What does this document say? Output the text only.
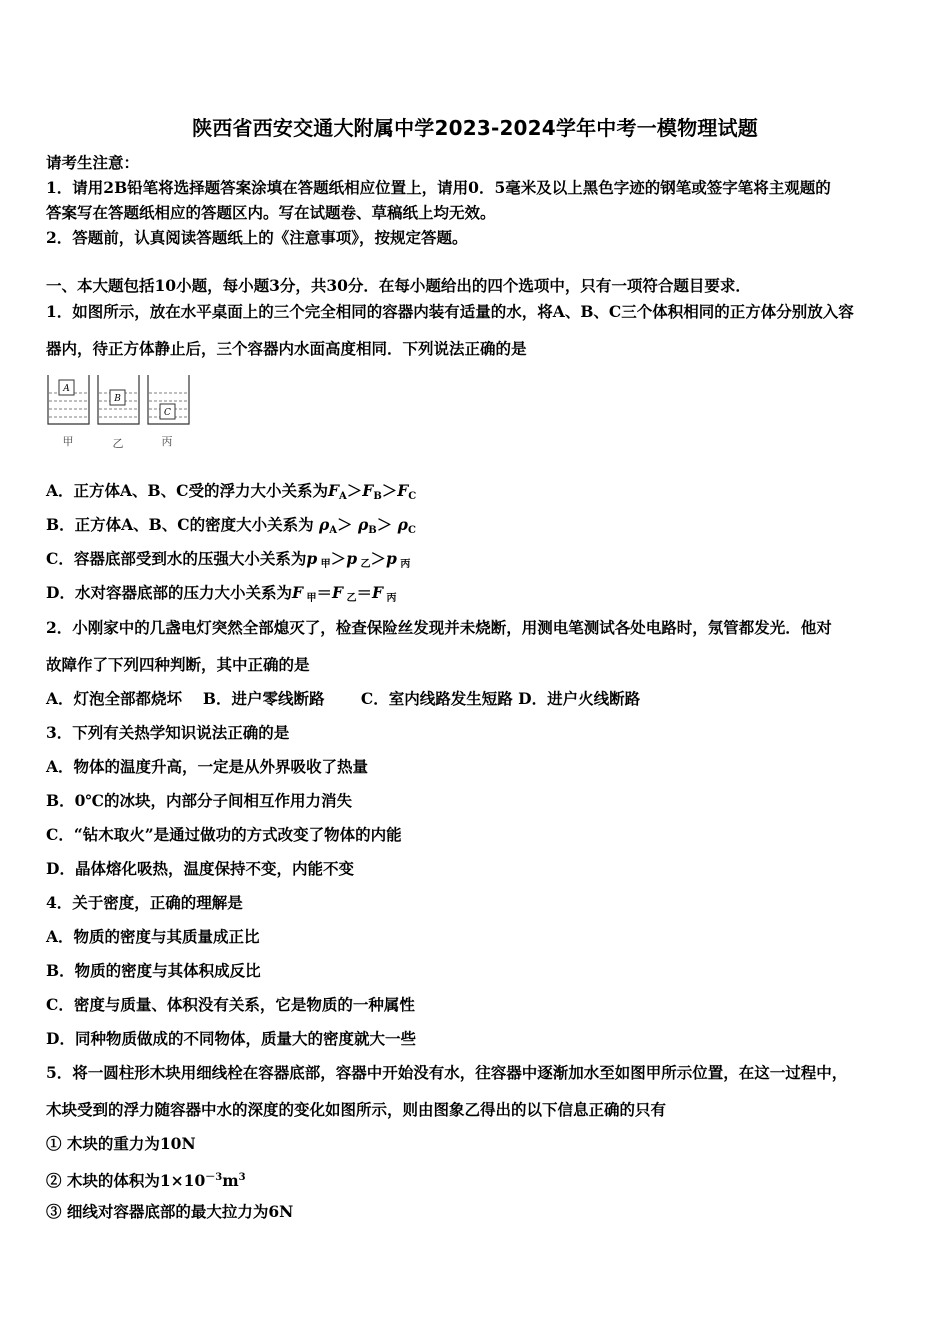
陕西省西安交通大附属中学2023-2024学年中考一模物理试题
请考生注意：
1．请用2B铅笔将选择题答案涂填在答题纸相应位置上，请用0．5毫米及以上黑色字迹的钢笔或签字笔将主观题的
答案写在答题纸相应的答题区内。写在试题卷、草稿纸上均无效。
2．答题前，认真阅读答题纸上的《注意事项》，按规定答题。
一、本大题包括10小题，每小题3分，共30分．在每小题给出的四个选项中，只有一项符合题目要求．
1．如图所示，放在水平桌面上的三个完全相同的容器内装有适量的水，将A、B、C三个体积相同的正方体分别放入容
器内，待正方体静止后，三个容器内水面高度相同．下列说法正确的是
A
B
C
甲	乙	丙
A．正方体A、B、C受的浮力大小关系为$F_A>F_B>F_C$
B．正方体A、B、C的密度大小关系为 $\rho_A> \rho_B> \rho_C$
C．容器底部受到水的压强大小关系为p $_甲$＞p $_乙$＞p $_丙$
D．水对容器底部的压力大小关系为F $_甲$＝F $_乙$＝F $_丙$
2．小刚家中的几盏电灯突然全部熄灭了，检查保险丝发现并未烧断，用测电笔测试各处电路时，氖管都发光．他对
故障作了下列四种判断，其中正确的是
A．灯泡全部都烧坏　 B．进户零线断路　　 C．室内线路发生短路 D．进户火线断路
3．下列有关热学知识说法正确的是
A．物体的温度升高，一定是从外界吸收了热量
B．0℃的冰块，内部分子间相互作用力消失
C．“钻木取火”是通过做功的方式改变了物体的内能
D．晶体熔化吸热，温度保持不变，内能不变
4．关于密度，正确的理解是
A．物质的密度与其质量成正比
B．物质的密度与其体积成反比
C．密度与质量、体积没有关系，它是物质的一种属性
D．同种物质做成的不同物体，质量大的密度就大一些
5．将一圆柱形木块用细线栓在容器底部，容器中开始没有水，往容器中逐渐加水至如图甲所示位置，在这一过程中，
木块受到的浮力随容器中水的深度的变化如图所示，则由图象乙得出的以下信息正确的只有
① 木块的重力为10N
② 木块的体积为$1\times 10^{-3}m^3$
③ 细线对容器底部的最大拉力为6N
